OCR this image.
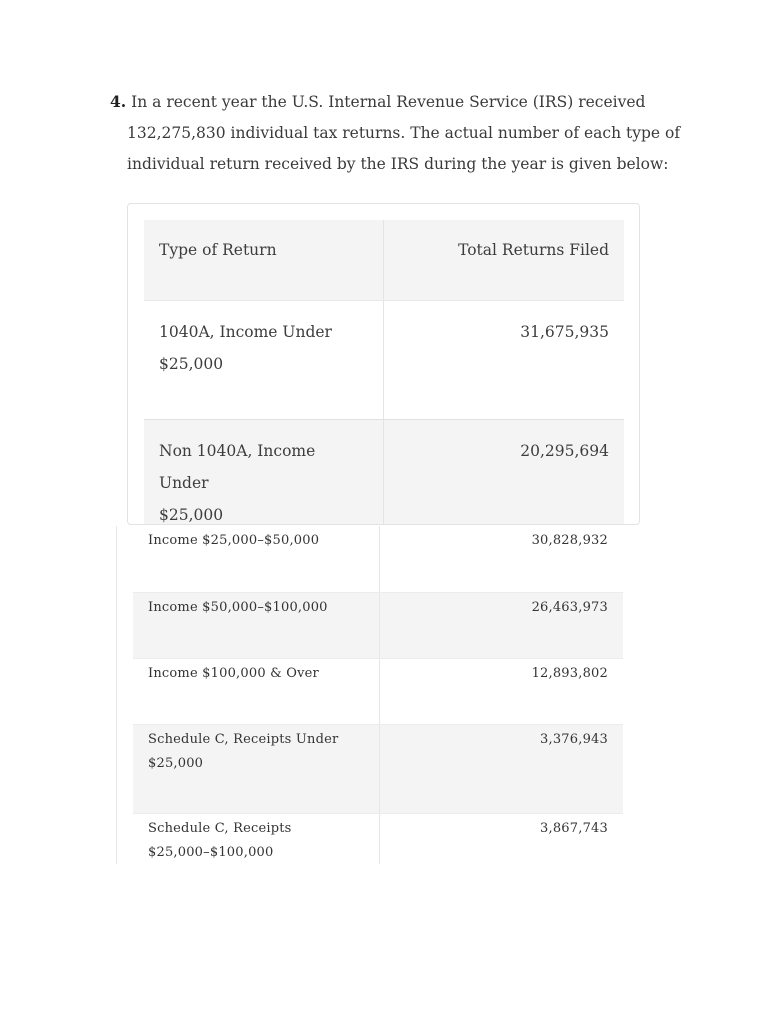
4. In a recent year the U.S. Internal Revenue Service (IRS) received
132,275,830 individual tax returns. The actual number of each type of
individual return received by the IRS during the year is given below:
Type of Return	Total Returns Filed

1040A, Income Under
$25,000	31,675,935

Non 1040A, Income Under
$25,000	20,295,694
Income $25,000–$50,000	30,828,932
Income $50,000–$100,000	26,463,973
Income $100,000 & Over	12,893,802

Schedule C, Receipts Under
$25,000	3,376,943

Schedule C, Receipts
$25,000–$100,000	3,867,743
